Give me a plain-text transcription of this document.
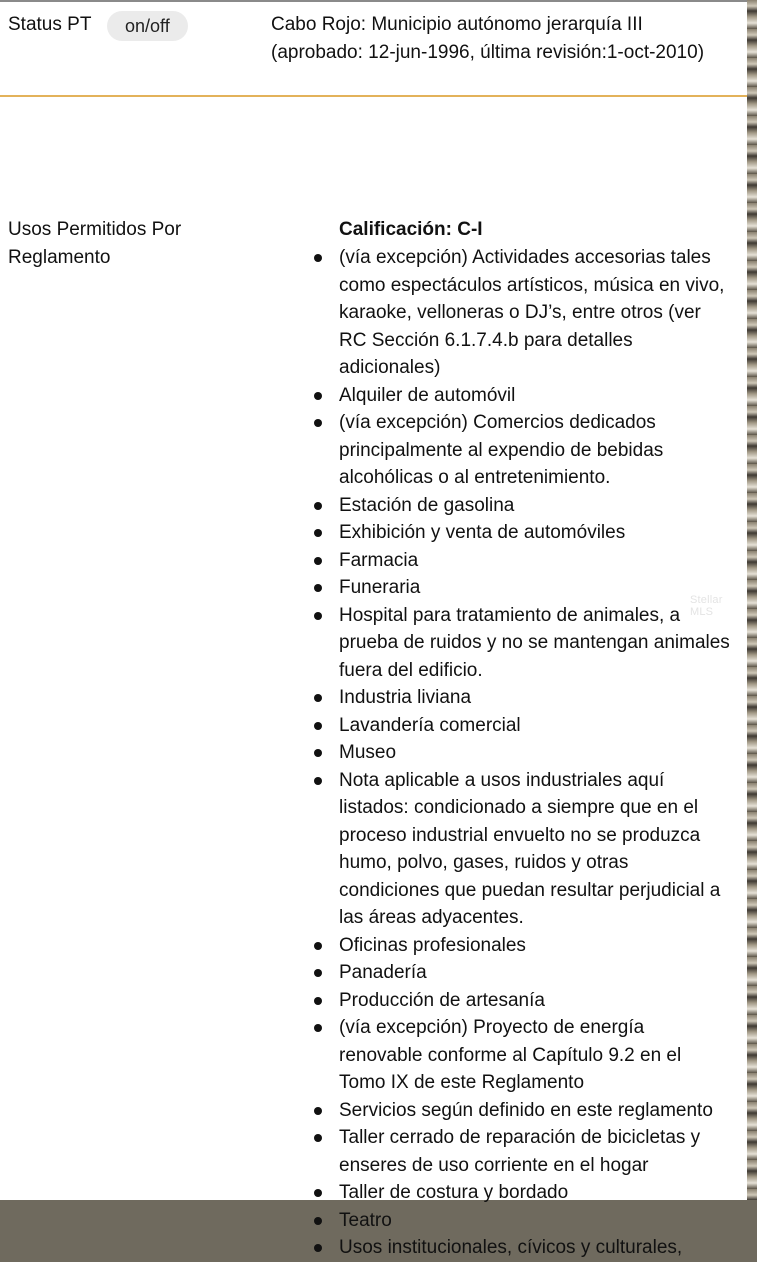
Status PT	on/off	Cabo Rojo: Municipio autónomo jerarquía III (aprobado: 12-jun-1996, última revisión:1-oct-2010)
Usos Permitidos Por Reglamento

Calificación: C-I

(vía excepción) Actividades accesorias tales como espectáculos artísticos, música en vivo, karaoke, velloneras o DJ’s, entre otros (ver RC Sección 6.1.7.4.b para detalles adicionales)
Alquiler de automóvil
(vía excepción) Comercios dedicados principalmente al expendio de bebidas alcohólicas o al entretenimiento.
Estación de gasolina
Exhibición y venta de automóviles
Farmacia
Funeraria
Hospital para tratamiento de animales, a prueba de ruidos y no se mantengan animales fuera del edificio.
Industria liviana
Lavandería comercial
Museo
Nota aplicable a usos industriales aquí listados: condicionado a siempre que en el proceso industrial envuelto no se produzca humo, polvo, gases, ruidos y otras condiciones que puedan resultar perjudicial a las áreas adyacentes.
Oficinas profesionales
Panadería
Producción de artesanía
(vía excepción) Proyecto de energía renovable conforme al Capítulo 9.2 en el Tomo IX de este Reglamento
Servicios según definido en este reglamento
Taller cerrado de reparación de bicicletas y enseres de uso corriente en el hogar
Taller de costura y bordado
Teatro
Usos institucionales, cívicos y culturales,
Stellar MLS
